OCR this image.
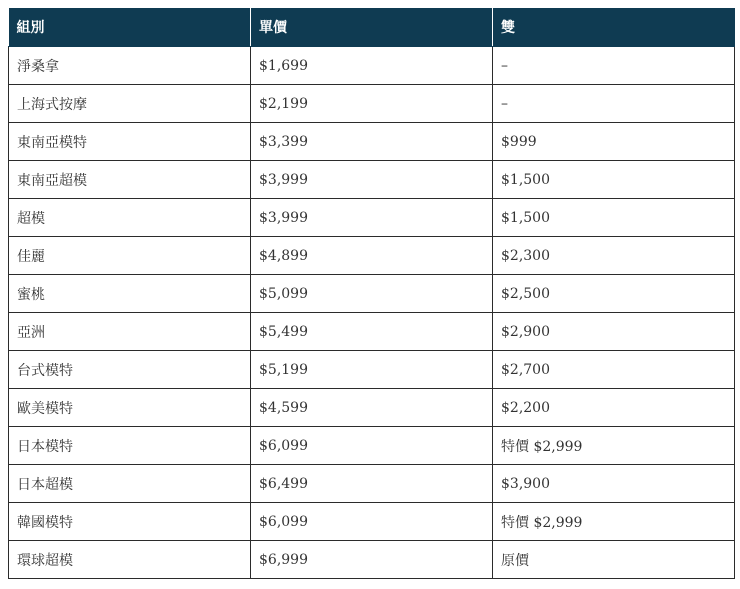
組別	單價	雙
淨桑拿	$1,699	–
上海式按摩	$2,199	–
東南亞模特	$3,399	$999
東南亞超模	$3,999	$1,500
超模	$3,999	$1,500
佳麗	$4,899	$2,300
蜜桃	$5,099	$2,500
亞洲	$5,499	$2,900
台式模特	$5,199	$2,700
歐美模特	$4,599	$2,200
日本模特	$6,099	特價 $2,999
日本超模	$6,499	$3,900
韓國模特	$6,099	特價 $2,999
環球超模	$6,999	原價
